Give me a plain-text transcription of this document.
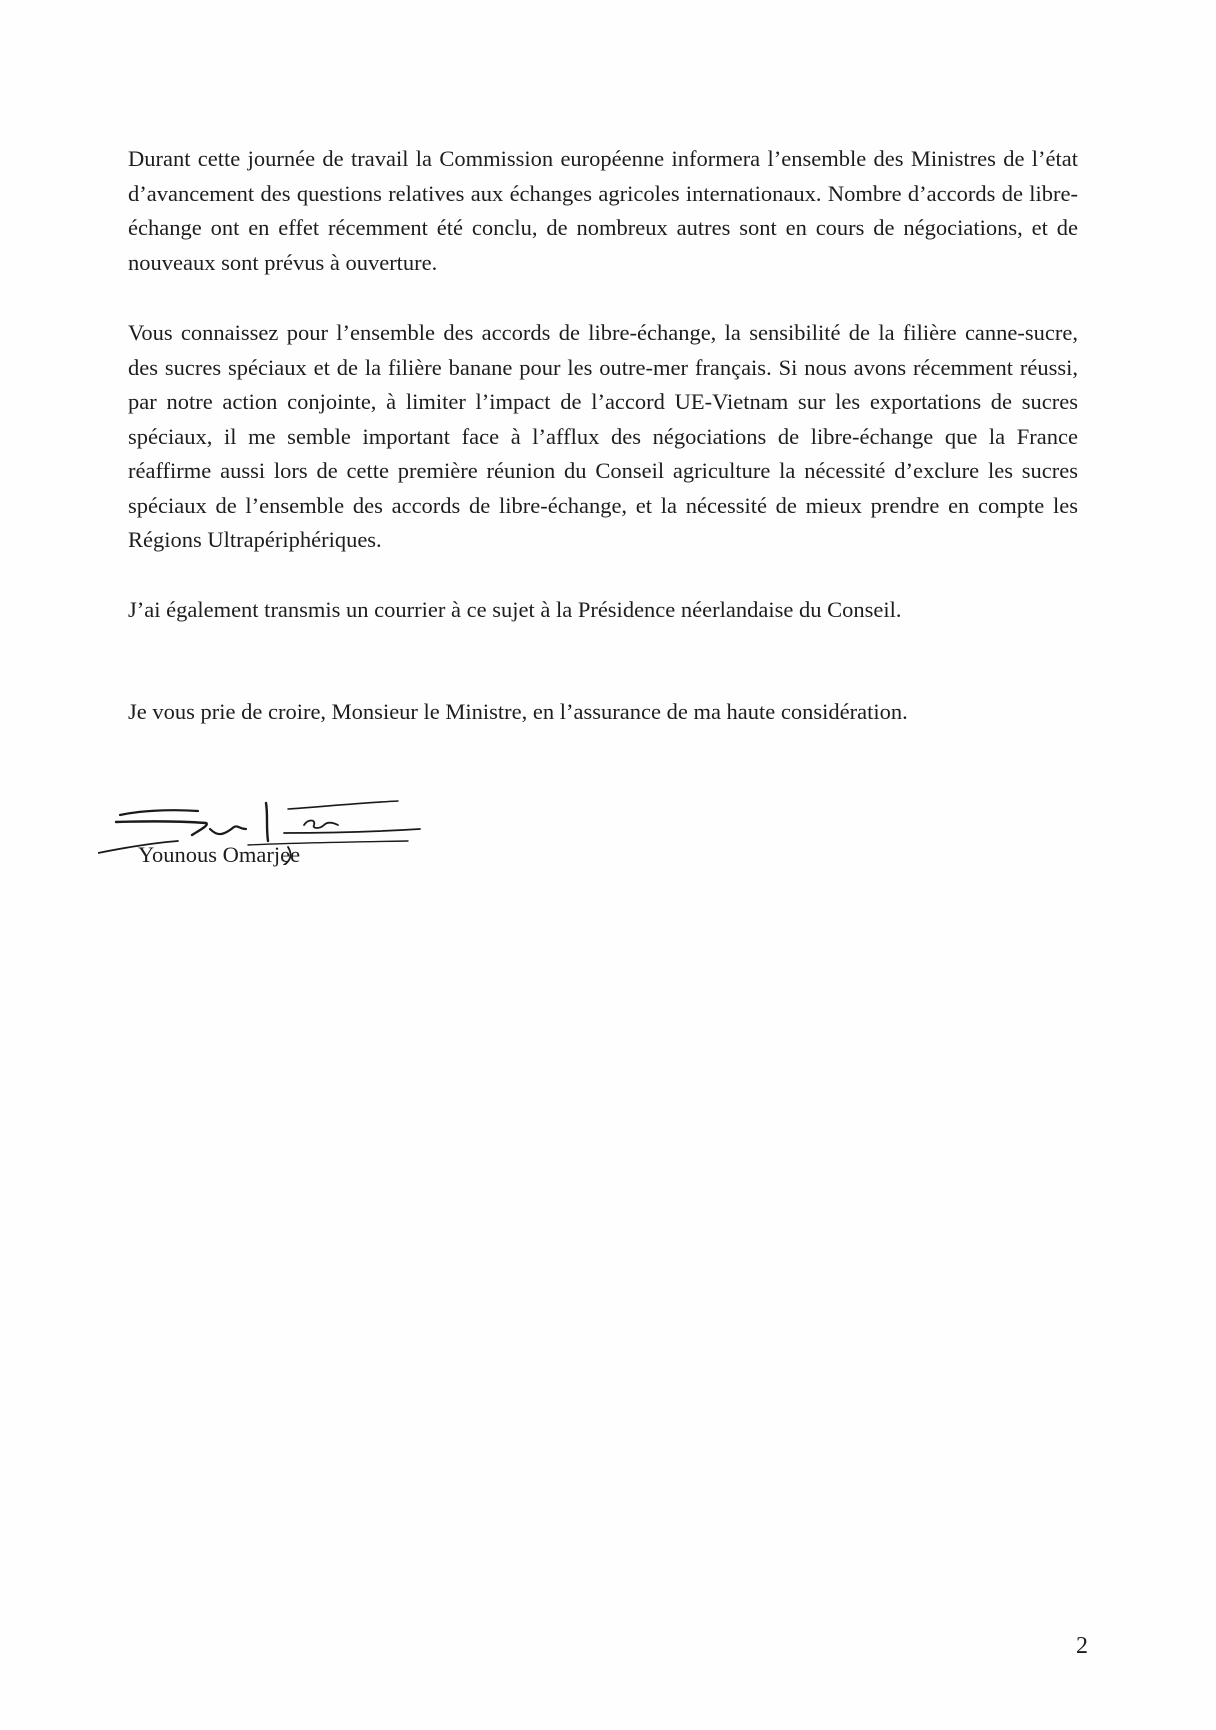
Durant cette journée de travail la Commission européenne informera l’ensemble des Ministres de l’état d’avancement des questions relatives aux échanges agricoles internationaux. Nombre d’accords de libre-échange ont en effet récemment été conclu, de nombreux autres sont en cours de négociations, et de nouveaux sont prévus à ouverture.

Vous connaissez pour l’ensemble des accords de libre-échange, la sensibilité de la filière canne-sucre, des sucres spéciaux et de la filière banane pour les outre-mer français. Si nous avons récemment réussi, par notre action conjointe, à limiter l’impact de l’accord UE-Vietnam sur les exportations de sucres spéciaux, il me semble important face à l’afflux des négociations de libre-échange que la France réaffirme aussi lors de cette première réunion du Conseil agriculture la nécessité d’exclure les sucres spéciaux de l’ensemble des accords de libre-échange, et la nécessité de mieux prendre en compte les Régions Ultrapériphériques.

J’ai également transmis un courrier à ce sujet à la Présidence néerlandaise du Conseil.

Je vous prie de croire, Monsieur le Ministre, en l’assurance de ma haute considération.

Younous Omarjee
2
